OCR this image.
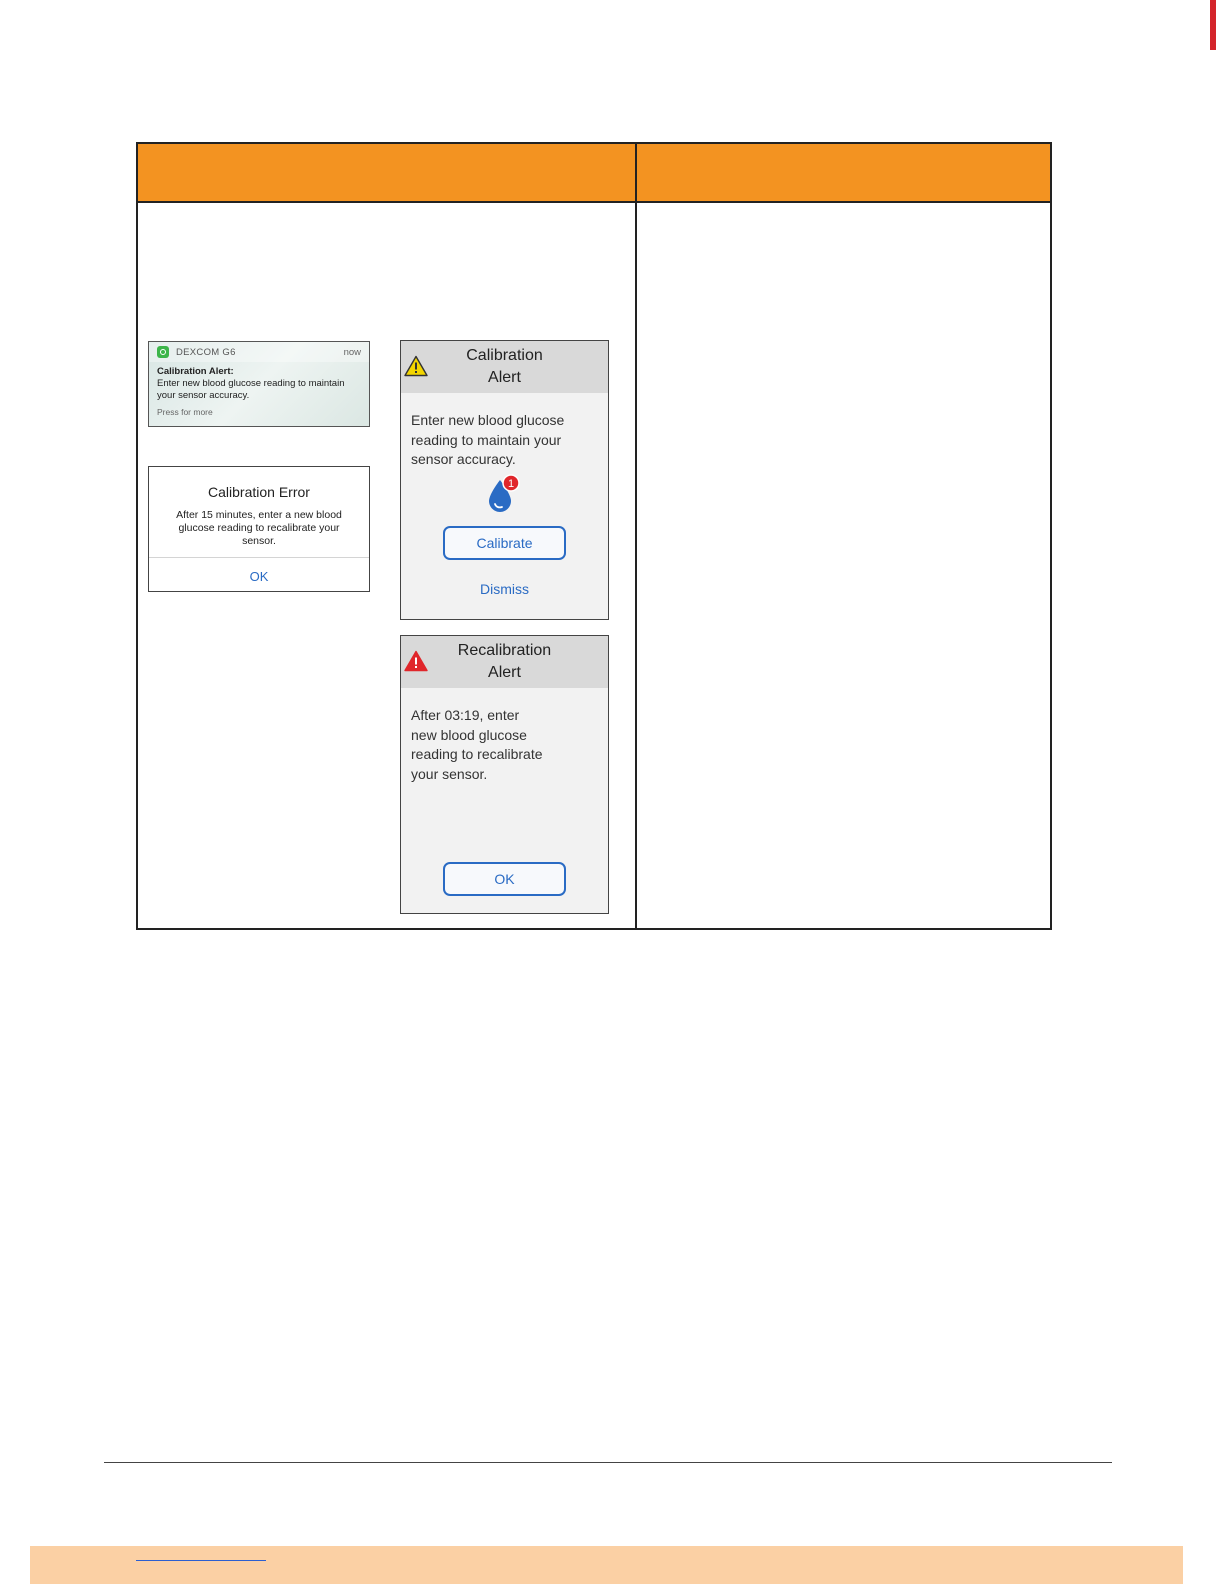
DEXCOM G6	now
Calibration Alert:
Enter new blood glucose reading to maintain your sensor accuracy.
Press for more
Calibration Error
After 15 minutes, enter a new blood glucose reading to recalibrate your sensor.
OK
Calibration
Alert
Enter new blood glucose reading to maintain your sensor accuracy.
1
Calibrate
Dismiss
Recalibration
Alert
After 03:19, enter new blood glucose reading to recalibrate your sensor.
OK
